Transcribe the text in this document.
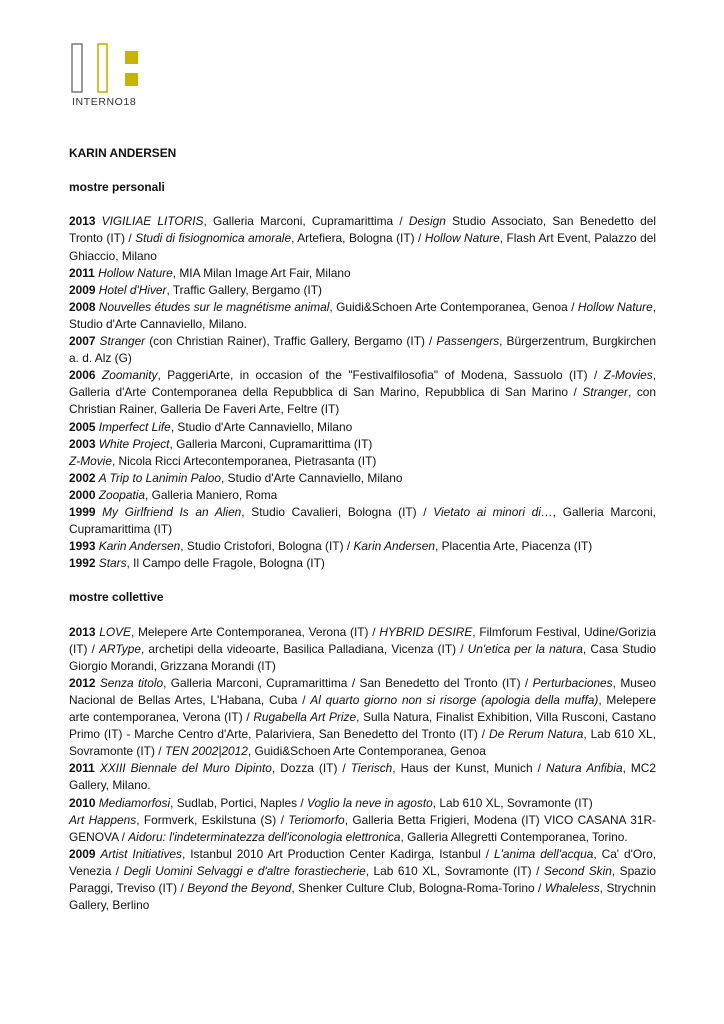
INTERNO18
KARIN ANDERSEN
mostre personali

2013 VIGILIAE LITORIS, Galleria Marconi, Cupramarittima / Design Studio Associato, San Benedetto del Tronto (IT) / Studi di fisiognomica amorale, Artefiera, Bologna (IT) / Hollow Nature, Flash Art Event, Palazzo del Ghiaccio, Milano

2011 Hollow Nature, MIA Milan Image Art Fair, Milano

2009 Hotel d'Hiver, Traffic Gallery, Bergamo (IT)

2008 Nouvelles études sur le magnétisme animal, Guidi&Schoen Arte Contemporanea, Genoa / Hollow Nature, Studio d'Arte Cannaviello, Milano.

2007 Stranger (con Christian Rainer), Traffic Gallery, Bergamo (IT) / Passengers, Bürgerzentrum, Burgkirchen a. d. Alz (G)

2006 Zoomanity, PaggeriArte, in occasion of the "Festivalfilosofia" of Modena, Sassuolo (IT) / Z-Movies, Galleria d'Arte Contemporanea della Repubblica di San Marino, Repubblica di San Marino / Stranger, con Christian Rainer, Galleria De Faveri Arte, Feltre (IT)

2005 Imperfect Life, Studio d'Arte Cannaviello, Milano

2003 White Project, Galleria Marconi, Cupramarittima (IT)

Z-Movie, Nicola Ricci Artecontemporanea, Pietrasanta (IT)

2002 A Trip to Lanimin Paloo, Studio d'Arte Cannaviello, Milano

2000 Zoopatia, Galleria Maniero, Roma

1999 My Girlfriend Is an Alien, Studio Cavalieri, Bologna (IT) / Vietato ai minori di…, Galleria Marconi, Cupramarittima (IT)

1993 Karin Andersen, Studio Cristofori, Bologna (IT) / Karin Andersen, Placentia Arte, Piacenza (IT)

1992 Stars, Il Campo delle Fragole, Bologna (IT)

mostre collettive

2013 LOVE, Melepere Arte Contemporanea, Verona (IT) / HYBRID DESIRE, Filmforum Festival, Udine/Gorizia (IT) / ARType, archetipi della videoarte, Basilica Palladiana, Vicenza (IT) / Un'etica per la natura, Casa Studio Giorgio Morandi, Grizzana Morandi (IT)

2012 Senza titolo, Galleria Marconi, Cupramarittima / San Benedetto del Tronto (IT) / Perturbaciones, Museo Nacional de Bellas Artes, L'Habana, Cuba / Al quarto giorno non si risorge (apologia della muffa), Melepere arte contemporanea, Verona (IT) / Rugabella Art Prize, Sulla Natura, Finalist Exhibition, Villa Rusconi, Castano Primo (IT) - Marche Centro d'Arte, Palariviera, San Benedetto del Tronto (IT) / De Rerum Natura, Lab 610 XL, Sovramonte (IT) / TEN 2002|2012, Guidi&Schoen Arte Contemporanea, Genoa

2011 XXIII Biennale del Muro Dipinto, Dozza (IT) / Tierisch, Haus der Kunst, Munich / Natura Anfibia, MC2 Gallery, Milano.

2010 Mediamorfosi, Sudlab, Portici, Naples / Voglio la neve in agosto, Lab 610 XL, Sovramonte (IT)

Art Happens, Formverk, Eskilstuna (S) / Teriomorfo, Galleria Betta Frigieri, Modena (IT) VICO CASANA 31R-GENOVA / Aidoru: l'indeterminatezza dell'iconologia elettronica, Galleria Allegretti Contemporanea, Torino.

2009 Artist Initiatives, Istanbul 2010 Art Production Center Kadirga, Istanbul / L'anima dell'acqua, Ca' d'Oro, Venezia / Degli Uomini Selvaggi e d'altre forastiecherie, Lab 610 XL, Sovramonte (IT) / Second Skin, Spazio Paraggi, Treviso (IT) / Beyond the Beyond, Shenker Culture Club, Bologna-Roma-Torino / Whaleless, Strychnin Gallery, Berlino
